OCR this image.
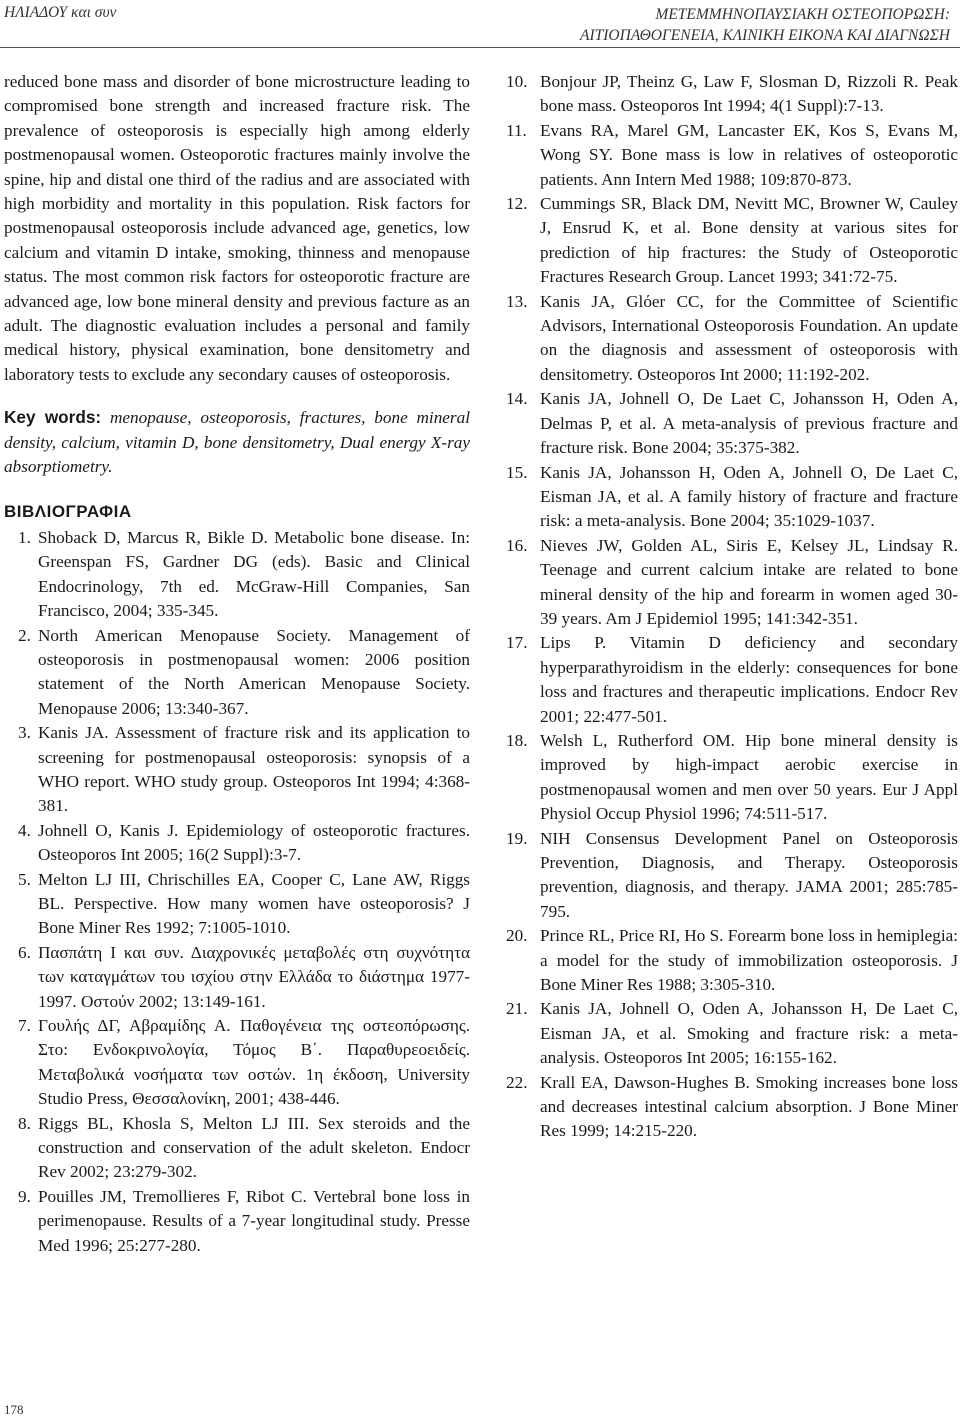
ΗΛΙΑΔΟΥ και συν	ΜΕΤΕΜΜΗΝΟΠΑΥΣΙΑΚΗ ΟΣΤΕΟΠΟΡΩΣΗ:
ΑΙΤΙΟΠΑΘΟΓΕΝΕΙΑ, ΚΛΙΝΙΚΗ ΕΙΚΟΝΑ ΚΑΙ ΔΙΑΓΝΩΣΗ

reduced bone mass and disorder of bone microstructure leading to compromised bone strength and increased fracture risk. The prevalence of osteoporosis is especially high among elderly postmenopausal women. Osteoporotic fractures mainly involve the spine, hip and distal one third of the radius and are associated with high morbidity and mortality in this population. Risk factors for postmenopausal osteoporosis include advanced age, genetics, low calcium and vitamin D intake, smoking, thinness and menopause status. The most common risk factors for osteoporotic fracture are advanced age, low bone mineral density and previous facture as an adult. The diagnostic evaluation includes a personal and family medical history, physical examination, bone densitometry and laboratory tests to exclude any secondary causes of osteoporosis.

Key words: menopause, osteoporosis, fractures, bone mineral density, calcium, vitamin D, bone densitometry, Dual energy X-ray absorptiometry.

ΒΙΒΛΙΟΓΡΑΦΙΑ
1. Shoback D, Marcus R, Bikle D. Metabolic bone disease. In: Greenspan FS, Gardner DG (eds). Basic and Clinical Endocrinology, 7th ed. McGraw-Hill Companies, San Francisco, 2004; 335-345.
2. North American Menopause Society. Management of osteoporosis in postmenopausal women: 2006 position statement of the North American Menopause Society. Menopause 2006; 13:340-367.
3. Kanis JA. Assessment of fracture risk and its application to screening for postmenopausal osteoporosis: synopsis of a WHO report. WHO study group. Osteoporos Int 1994; 4:368-381.
4. Johnell O, Kanis J. Epidemiology of osteoporotic fractures. Osteoporos Int 2005; 16(2 Suppl):3-7.
5. Melton LJ III, Chrischilles EA, Cooper C, Lane AW, Riggs BL. Perspective. How many women have osteoporosis? J Bone Miner Res 1992; 7:1005-1010.
6. Πασπάτη Ι και συν. Διαχρονικές μεταβολές στη συχνότητα των καταγμάτων του ισχίου στην Ελλάδα το διάστημα 1977-1997. Οστούν 2002; 13:149-161.
7. Γουλής ΔΓ, Αβραμίδης Α. Παθογένεια της οστεοπόρωσης. Στο: Ενδοκρινολογία, Τόμος Β΄. Παραθυρεοειδείς. Μεταβολικά νοσήματα των οστών. 1η έκδοση, University Studio Press, Θεσσαλονίκη, 2001; 438-446.
8. Riggs BL, Khosla S, Melton LJ III. Sex steroids and the construction and conservation of the adult skeleton. Endocr Rev 2002; 23:279-302.
9. Pouilles JM, Tremollieres F, Ribot C. Vertebral bone loss in perimenopause. Results of a 7-year longitudinal study. Presse Med 1996; 25:277-280.
10. Bonjour JP, Theinz G, Law F, Slosman D, Rizzoli R. Peak bone mass. Osteoporos Int 1994; 4(1 Suppl):7-13.
11. Evans RA, Marel GM, Lancaster EK, Kos S, Evans M, Wong SY. Bone mass is low in relatives of osteoporotic patients. Ann Intern Med 1988; 109:870-873.
12. Cummings SR, Black DM, Nevitt MC, Browner W, Cauley J, Ensrud K, et al. Bone density at various sites for prediction of hip fractures: the Study of Osteoporotic Fractures Research Group. Lancet 1993; 341:72-75.
13. Kanis JA, Glόer CC, for the Committee of Scientific Advisors, International Osteoporosis Foundation. An update on the diagnosis and assessment of osteoporosis with densitometry. Osteoporos Int 2000; 11:192-202.
14. Kanis JA, Johnell O, De Laet C, Johansson H, Oden A, Delmas P, et al. A meta-analysis of previous fracture and fracture risk. Bone 2004; 35:375-382.
15. Kanis JA, Johansson H, Oden A, Johnell O, De Laet C, Eisman JA, et al. A family history of fracture and fracture risk: a meta-analysis. Bone 2004; 35:1029-1037.
16. Nieves JW, Golden AL, Siris E, Kelsey JL, Lindsay R. Teenage and current calcium intake are related to bone mineral density of the hip and forearm in women aged 30-39 years. Am J Epidemiol 1995; 141:342-351.
17. Lips P. Vitamin D deficiency and secondary hyperparathyroidism in the elderly: consequences for bone loss and fractures and therapeutic implications. Endocr Rev 2001; 22:477-501.
18. Welsh L, Rutherford OM. Hip bone mineral density is improved by high-impact aerobic exercise in postmenopausal women and men over 50 years. Eur J Appl Physiol Occup Physiol 1996; 74:511-517.
19. NIH Consensus Development Panel on Osteoporosis Prevention, Diagnosis, and Therapy. Osteoporosis prevention, diagnosis, and therapy. JAMA 2001; 285:785-795.
20. Prince RL, Price RI, Ho S. Forearm bone loss in hemiplegia: a model for the study of immobilization osteoporosis. J Bone Miner Res 1988; 3:305-310.
21. Kanis JA, Johnell O, Oden A, Johansson H, De Laet C, Eisman JA, et al. Smoking and fracture risk: a meta-analysis. Osteoporos Int 2005; 16:155-162.
22. Krall EA, Dawson-Hughes B. Smoking increases bone loss and decreases intestinal calcium absorption. J Bone Miner Res 1999; 14:215-220.
178
